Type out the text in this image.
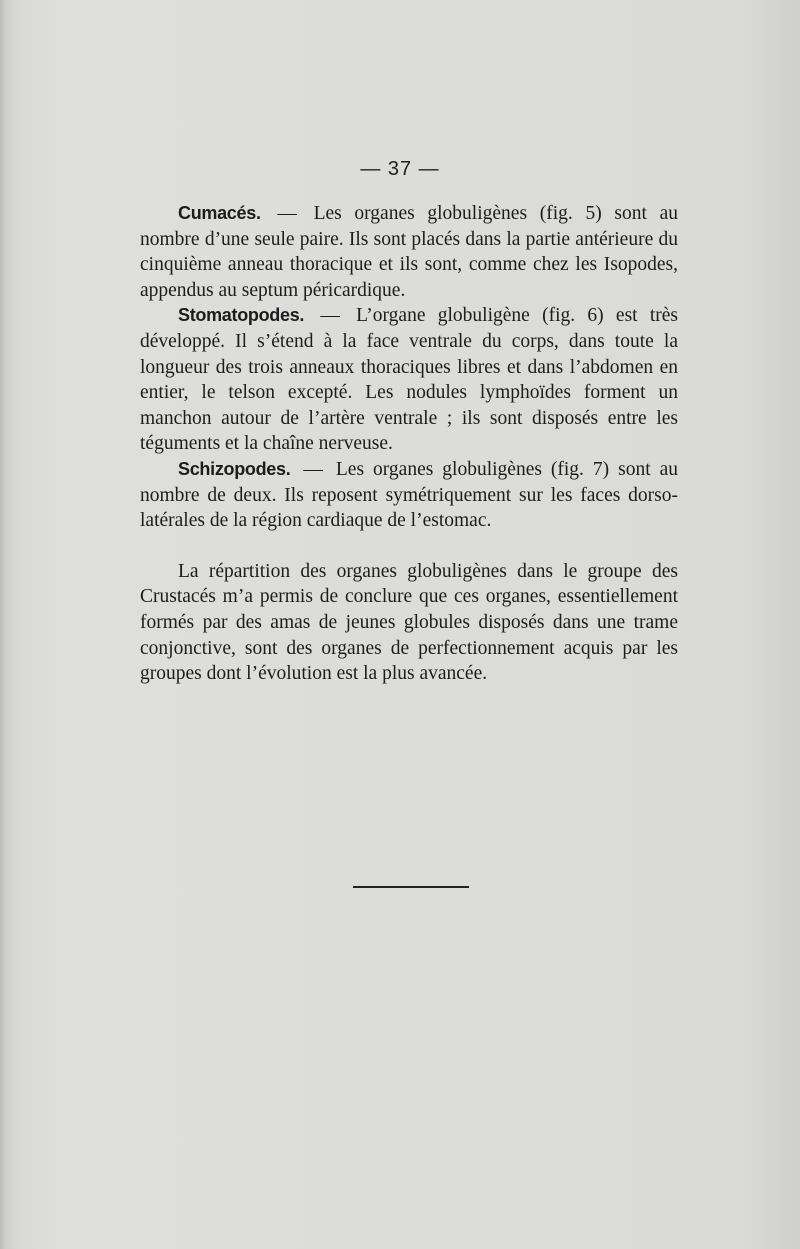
— 37 —

Cumacés. — Les organes globuligènes (fig. 5) sont au nombre d’une seule paire. Ils sont placés dans la partie antérieure du cinquième anneau thoracique et ils sont, comme chez les Isopodes, appendus au septum péricardique.

Stomatopodes. — L’organe globuligène (fig. 6) est très développé. Il s’étend à la face ventrale du corps, dans toute la longueur des trois anneaux thoraciques libres et dans l’abdomen en entier, le telson excepté. Les nodules lymphoïdes forment un manchon autour de l’artère ventrale ; ils sont disposés entre les téguments et la chaîne nerveuse.

Schizopodes. — Les organes globuligènes (fig. 7) sont au nombre de deux. Ils reposent symétriquement sur les faces dorso-latérales de la région cardiaque de l’estomac.

La répartition des organes globuligènes dans le groupe des Crustacés m’a permis de conclure que ces organes, essentiellement formés par des amas de jeunes globules disposés dans une trame conjonctive, sont des organes de perfectionnement acquis par les groupes dont l’évolution est la plus avancée.
